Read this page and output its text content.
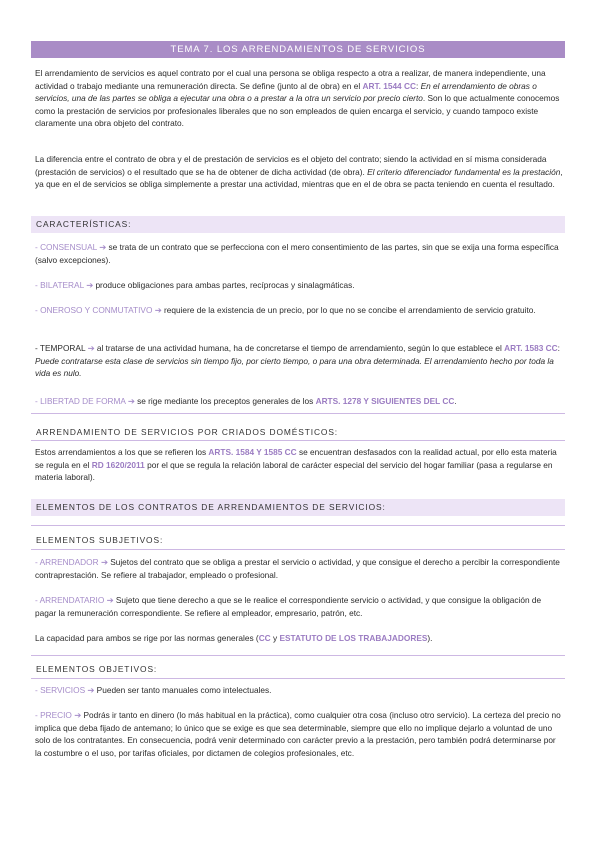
TEMA 7. LOS ARRENDAMIENTOS DE SERVICIOS
El arrendamiento de servicios es aquel contrato por el cual una persona se obliga respecto a otra a realizar, de manera independiente, una actividad o trabajo mediante una remuneración directa. Se define (junto al de obra) en el ART. 1544 CC: En el arrendamiento de obras o servicios, una de las partes se obliga a ejecutar una obra o a prestar a la otra un servicio por precio cierto. Son lo que actualmente conocemos como la prestación de servicios por profesionales liberales que no son empleados de quien encarga el servicio, y cuando tampoco existe claramente una obra objeto del contrato.
La diferencia entre el contrato de obra y el de prestación de servicios es el objeto del contrato; siendo la actividad en sí misma considerada (prestación de servicios) o el resultado que se ha de obtener de dicha actividad (de obra). El criterio diferenciador fundamental es la prestación, ya que en el de servicios se obliga simplemente a prestar una actividad, mientras que en el de obra se pacta teniendo en cuenta el resultado.
CARACTERÍSTICAS:
- CONSENSUAL ➔ se trata de un contrato que se perfecciona con el mero consentimiento de las partes, sin que se exija una forma específica (salvo excepciones).
- BILATERAL ➔ produce obligaciones para ambas partes, recíprocas y sinalagmáticas.
- ONEROSO Y CONMUTATIVO ➔ requiere de la existencia de un precio, por lo que no se concibe el arrendamiento de servicio gratuito.
- TEMPORAL ➔ al tratarse de una actividad humana, ha de concretarse el tiempo de arrendamiento, según lo que establece el ART. 1583 CC: Puede contratarse esta clase de servicios sin tiempo fijo, por cierto tiempo, o para una obra determinada. El arrendamiento hecho por toda la vida es nulo.
- LIBERTAD DE FORMA ➔ se rige mediante los preceptos generales de los ARTS. 1278 Y SIGUIENTES DEL CC.
ARRENDAMIENTO DE SERVICIOS POR CRIADOS DOMÉSTICOS:
Estos arrendamientos a los que se refieren los ARTS. 1584 Y 1585 CC se encuentran desfasados con la realidad actual, por ello esta materia se regula en el RD 1620/2011 por el que se regula la relación laboral de carácter especial del servicio del hogar familiar (pasa a regularse en materia laboral).
ELEMENTOS DE LOS CONTRATOS DE ARRENDAMIENTOS DE SERVICIOS:
ELEMENTOS SUBJETIVOS:
- ARRENDADOR ➔ Sujetos del contrato que se obliga a prestar el servicio o actividad, y que consigue el derecho a percibir la correspondiente contraprestación. Se refiere al trabajador, empleado o profesional.
- ARRENDATARIO ➔ Sujeto que tiene derecho a que se le realice el correspondiente servicio o actividad, y que consigue la obligación de pagar la remuneración correspondiente. Se refiere al empleador, empresario, patrón, etc.
La capacidad para ambos se rige por las normas generales (CC y ESTATUTO DE LOS TRABAJADORES).
ELEMENTOS OBJETIVOS:
- SERVICIOS ➔ Pueden ser tanto manuales como intelectuales.
- PRECIO ➔ Podrás ir tanto en dinero (lo más habitual en la práctica), como cualquier otra cosa (incluso otro servicio). La certeza del precio no implica que deba fijado de antemano; lo único que se exige es que sea determinable, siempre que ello no implique dejarlo a voluntad de uno solo de los contratantes. En consecuencia, podrá venir determinado con carácter previo a la prestación, pero también podrá determinarse por la costumbre o el uso, por tarifas oficiales, por dictamen de colegios profesionales, etc.
